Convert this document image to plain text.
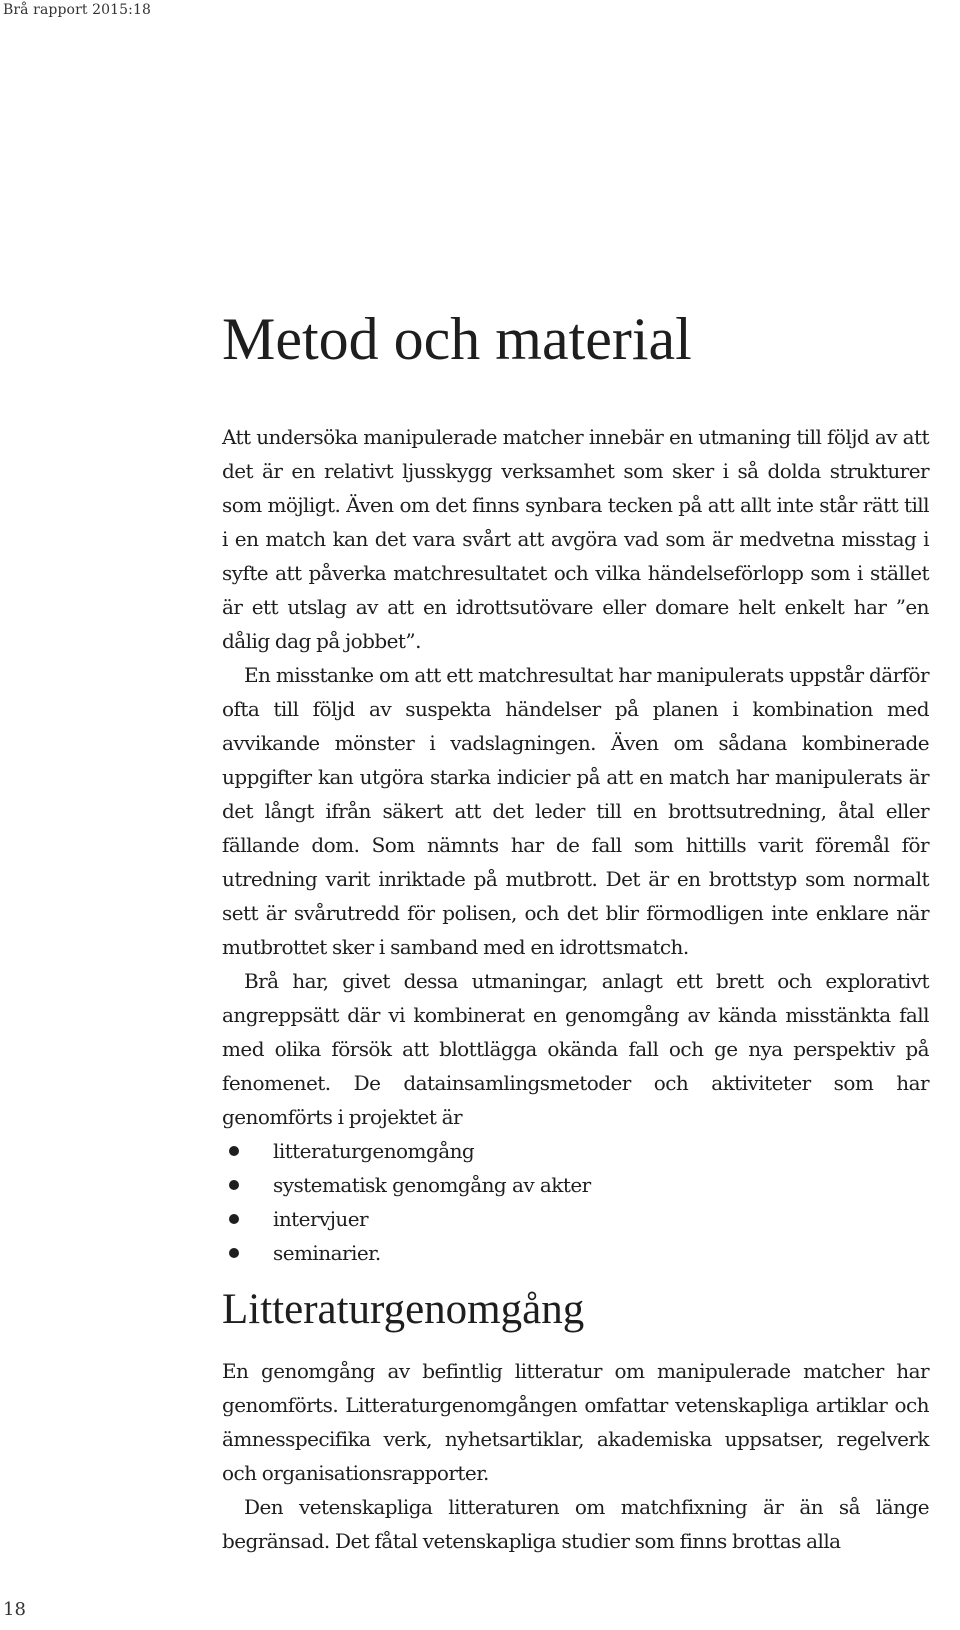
Brå rapport 2015:18
Metod och material

Att undersöka manipulerade matcher innebär en utmaning till följd av att det är en relativt ljusskygg verksamhet som sker i så dolda strukturer som möjligt. Även om det finns synbara tecken på att allt inte står rätt till i en match kan det vara svårt att avgöra vad som är medvetna misstag i syfte att påverka matchresultatet och vilka händelseförlopp som i stället är ett utslag av att en idrottsutövare eller domare helt enkelt har ”en dålig dag på jobbet”.

En misstanke om att ett matchresultat har manipulerats uppstår därför ofta till följd av suspekta händelser på planen i kombination med avvikande mönster i vadslagningen. Även om sådana kombinerade uppgifter kan utgöra starka indicier på att en match har manipulerats är det långt ifrån säkert att det leder till en brottsutredning, åtal eller fällande dom. Som nämnts har de fall som hittills varit föremål för utredning varit inriktade på mutbrott. Det är en brottstyp som normalt sett är svårutredd för polisen, och det blir förmodligen inte enklare när mutbrottet sker i samband med en idrottsmatch.

Brå har, givet dessa utmaningar, anlagt ett brett och explorativt angreppsätt där vi kombinerat en genomgång av kända misstänkta fall med olika försök att blottlägga okända fall och ge nya perspektiv på fenomenet. De datainsamlingsmetoder och aktiviteter som har genomförts i projektet är

litteraturgenomgång
systematisk genomgång av akter
intervjuer
seminarier.
Litteraturgenomgång

En genomgång av befintlig litteratur om manipulerade matcher har genomförts. Litteraturgenomgången omfattar vetenskapliga artiklar och ämnesspecifika verk, nyhetsartiklar, akademiska uppsatser, regelverk och organisationsrapporter.

Den vetenskapliga litteraturen om matchfixning är än så länge begränsad. Det fåtal vetenskapliga studier som finns brottas alla

18
